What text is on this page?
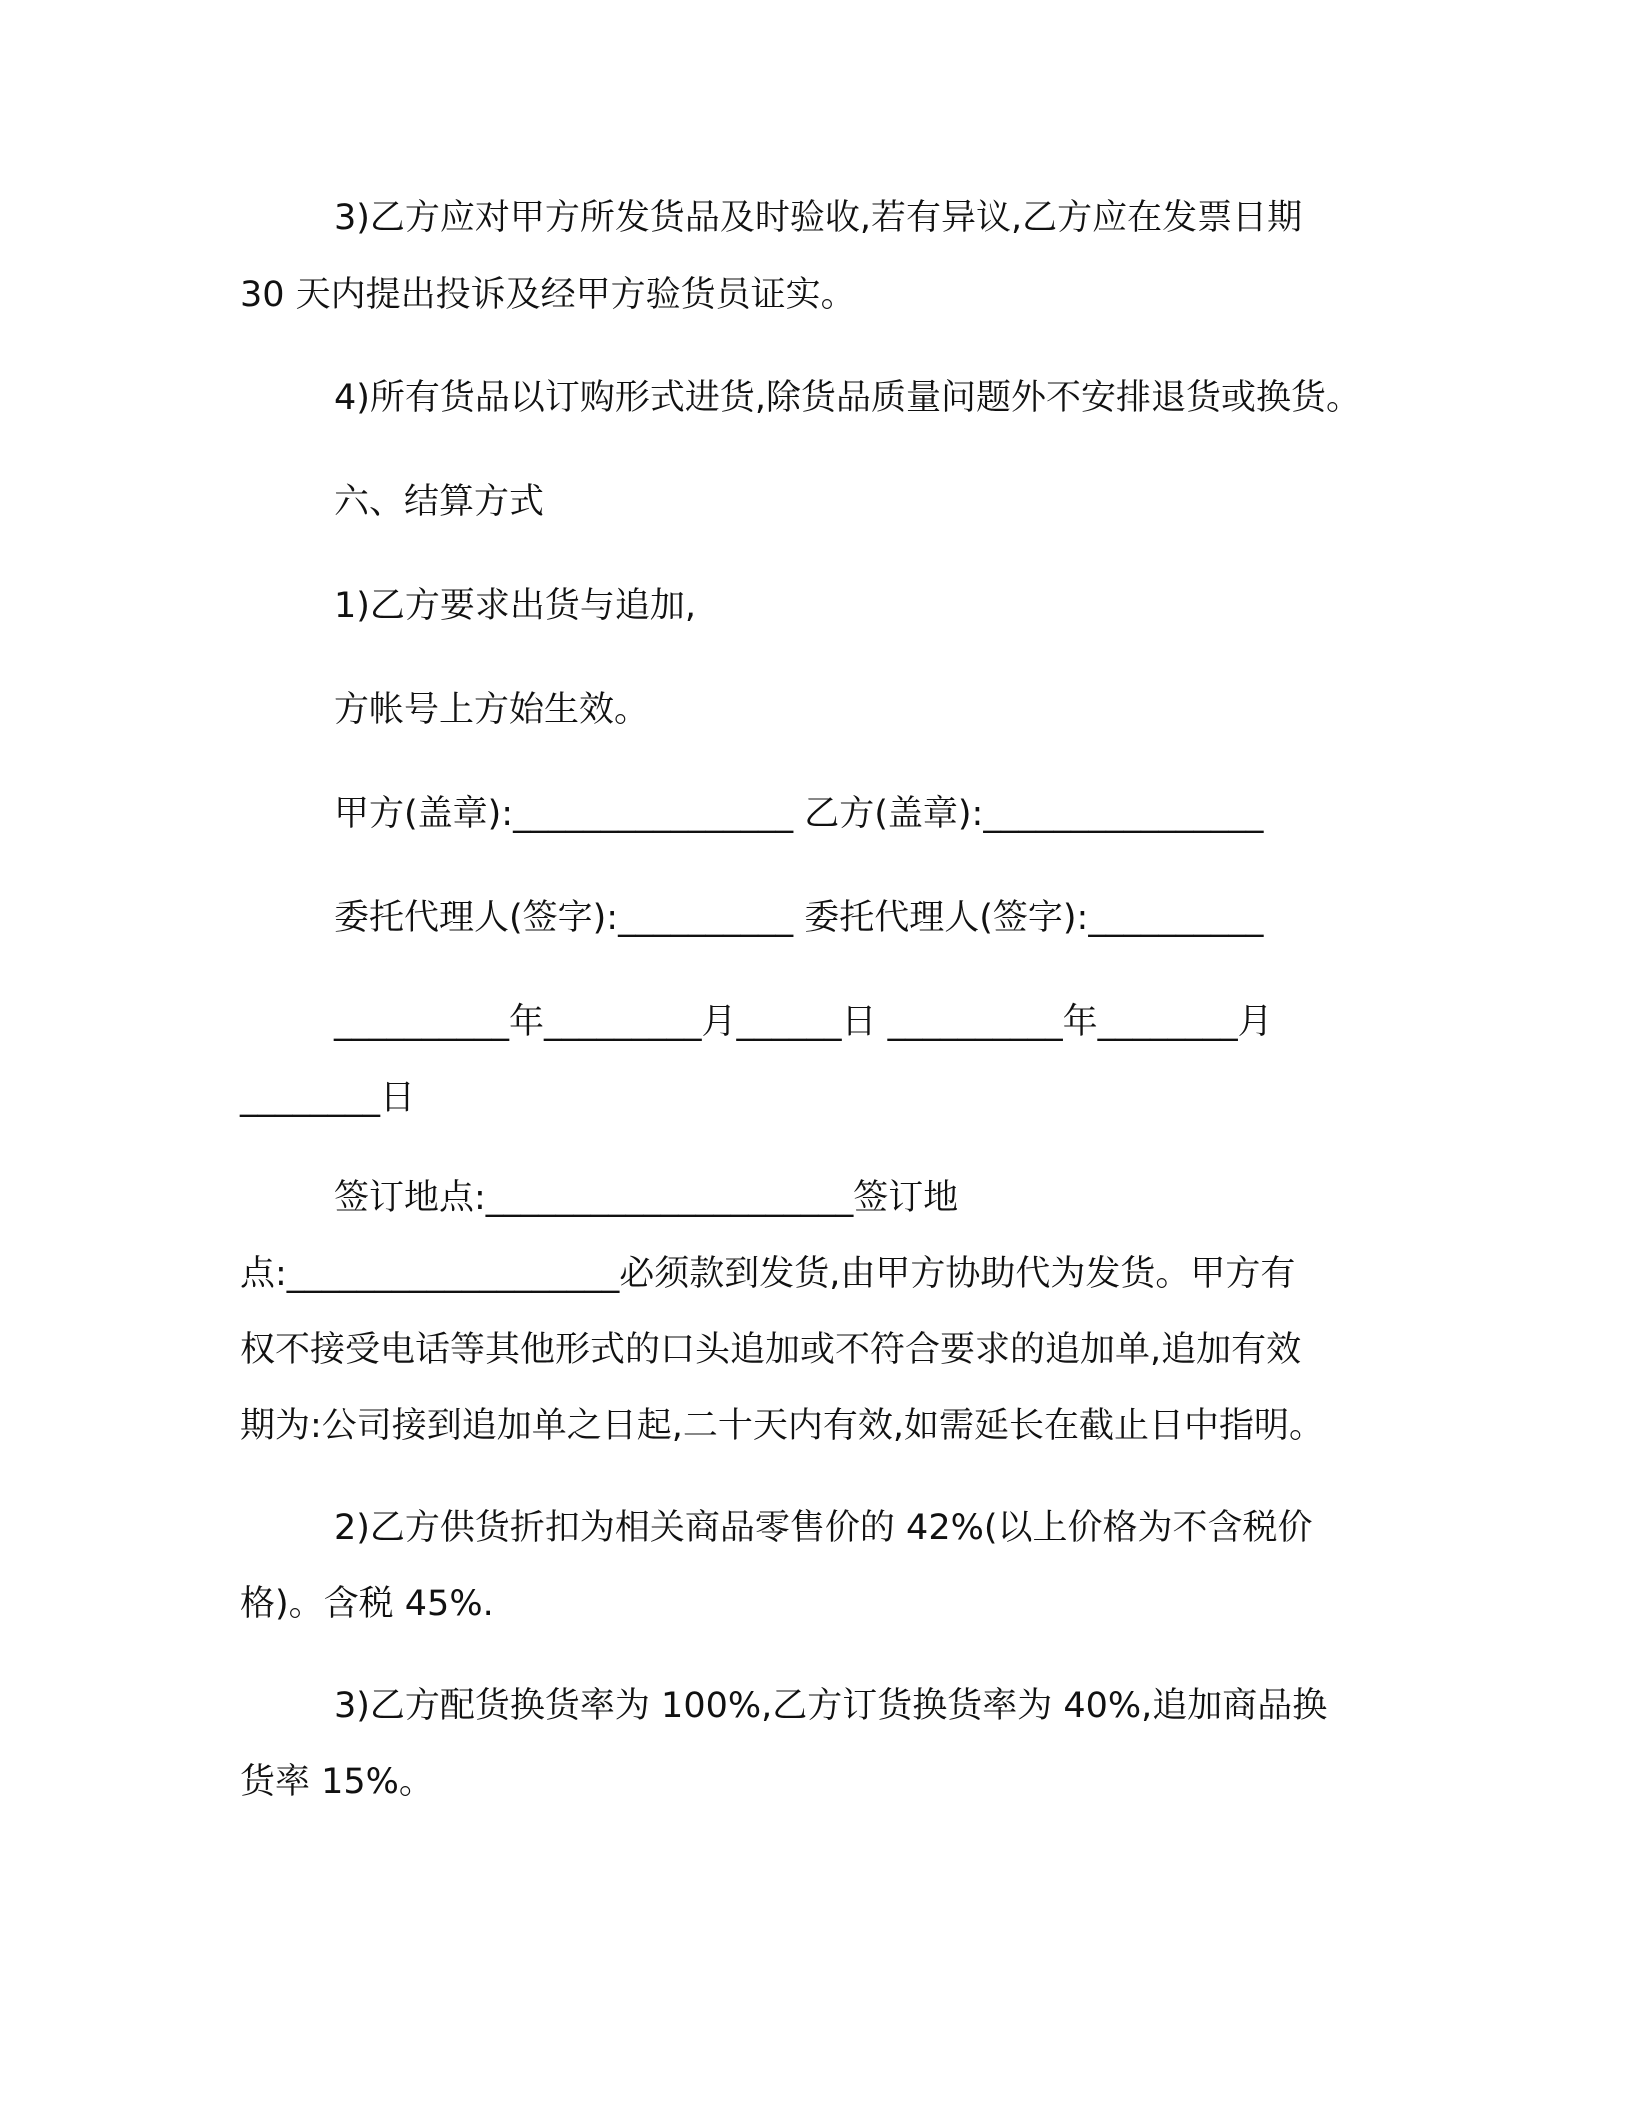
3)乙方应对甲方所发货品及时验收,若有异议,乙方应在发票日期
30 天内提出投诉及经甲方验货员证实。
4)所有货品以订购形式进货,除货品质量问题外不安排退货或换货。
六、结算方式
1)乙方要求出货与追加,
方帐号上方始生效。
甲方(盖章):________________ 乙方(盖章):________________
委托代理人(签字):__________ 委托代理人(签字):__________
__________年_________月______日 __________年________月
________日
签订地点:_____________________签订地
点:___________________必须款到发货,由甲方协助代为发货。甲方有
权不接受电话等其他形式的口头追加或不符合要求的追加单,追加有效
期为:公司接到追加单之日起,二十天内有效,如需延长在截止日中指明。
2)乙方供货折扣为相关商品零售价的 42%(以上价格为不含税价
格)。含税 45%.
3)乙方配货换货率为 100%,乙方订货换货率为 40%,追加商品换
货率 15%。
